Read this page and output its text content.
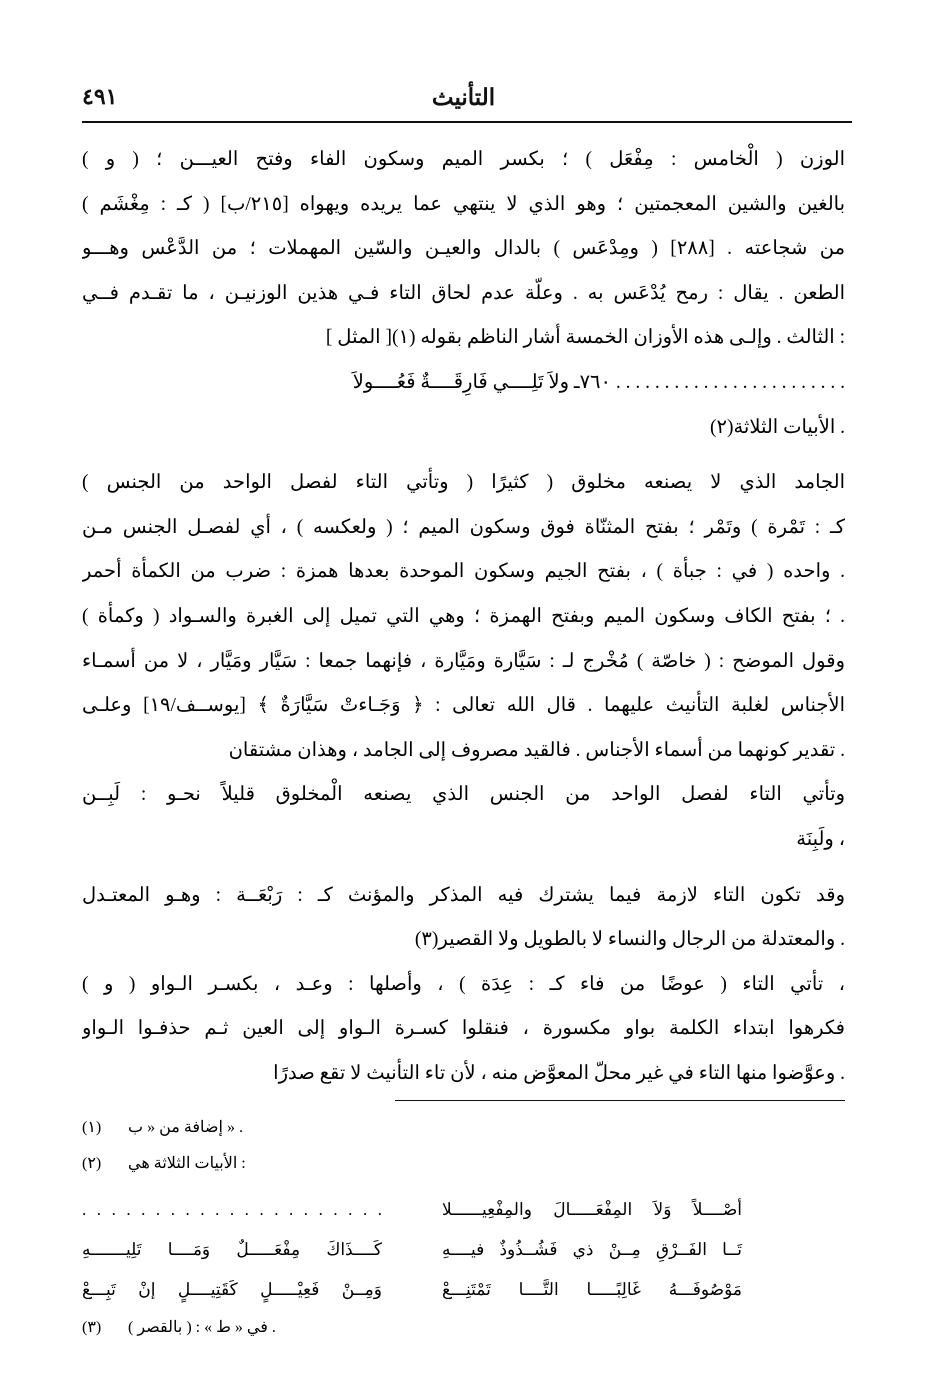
التأنيث
٤٩١
( و ) الوزن ( الْخامس : مِفْعَل ) ؛ بكسر الميم وسكون الفاء وفتح العيـــن ؛
( كـ : مِغْشَم ) بالغين والشين المعجمتين ؛ وهو الذي لا ينتهي عما يريده ويهواه [٢١٥/ب]
من شجاعته . [٢٨٨] ( ومِدْعَس ) بالدال والعيـن والسّين المهملات ؛ من الدَّعْس وهـــو
الطعن . يقال : رمح يُدْعَس به . وعلّة عدم لحاق التاء فـي هذين الوزنيـن ، ما تقـدم فــي
[ المثل ](١) الثالث . وإلـى هذه الأوزان الخمسة أشار الناظم بقوله :
٧٦٠ـ ولاَ تَلِــــي فَارِقَــــةٌ فَعُــــولاَ . . . . . . . . . . . . . . . . . . . . . . . .
الأبيات الثلاثة(٢) .
( وتأتي التاء لفصل الواحد من الجنس ) الجامد الذي لا يصنعه مخلوق ( كثيرًا
كـ : تَمْرة ) وتَمْر ؛ بفتح المثنّاة فوق وسكون الميم ؛ ( ولعكسه ) ، أي لفصـل الجنس مـن
واحده ( في : جبأة ) ، بفتح الجيم وسكون الموحدة بعدها همزة : ضرب من الكمأة أحمر .
( وكمأة ) ؛ بفتح الكاف وسكون الميم وبفتح الهمزة ؛ وهي التي تميل إلى الغبرة والسـواد .
وقول الموضح : ( خاصّة ) مُخْرج لـ : سَيَّارة ومَيَّارة ، فإنهما جمعا : سَيَّار ومَيَّار ، لا من أسمـاء
الأجناس لغلبة التأنيث عليهما . قال الله تعالى : ﴿ وَجَـاءتْ سَيَّارَةٌ ﴾ [يوســف/١٩] وعلـى
تقدير كونهما من أسماء الأجناس . فالقيد مصروف إلى الجامد ، وهذان مشتقان .
وتأتي التاء لفصل الواحد من الجنس الذي يصنعه الْمخلوق قليلاً نحـو : لَبِــن
ولَبِنَة ،
وقد تكون التاء لازمة فيما يشترك فيه المذكر والمؤنث كـ : رَبْعَــة : وهـو المعتـدل
والمعتدلة من الرجال والنساء لا بالطويل ولا القصير(٣) .
( و ) تأتي التاء ( عوضًا من فاء كـ : عِدَة ) ، وأصلها : وعـد ، بكسـر الـواو ،
فكرهوا ابتداء الكلمة بواو مكسورة ، فنقلوا كسـرة الـواو إلى العين ثـم حذفـوا الـواو
وعوَّضوا منها التاء في غير محلّ المعوَّض منه ، لأن تاء التأنيث لا تقع صدرًا .
(١) إضافة من « ب » .
(٢) الأبيات الثلاثة هي :
. . . . . . . . . . . . . . . . . . . . .	أصْــــلاً وَلاَ المِفْعَـــــالَ والمِفْعِيــــــلا
كَــــذَاكَ مِفْعَـــــلٌ وَمَــــا تَلِيـــــــهِ	تَــا الفَــرْقِ مِــنْ ذي فَشُــذُوذٌ فيــــهِ
وَمِــنْ فَعِيْـــــلٍ كَقَتِيــــلٍ إنْ تَبِـــعْ	مَوْصُوفَـــهُ غَالِبًـــــا التَّــــا تَمْتَنِـــعْ
(٣) في « ط » : ( بالقصر ) .
